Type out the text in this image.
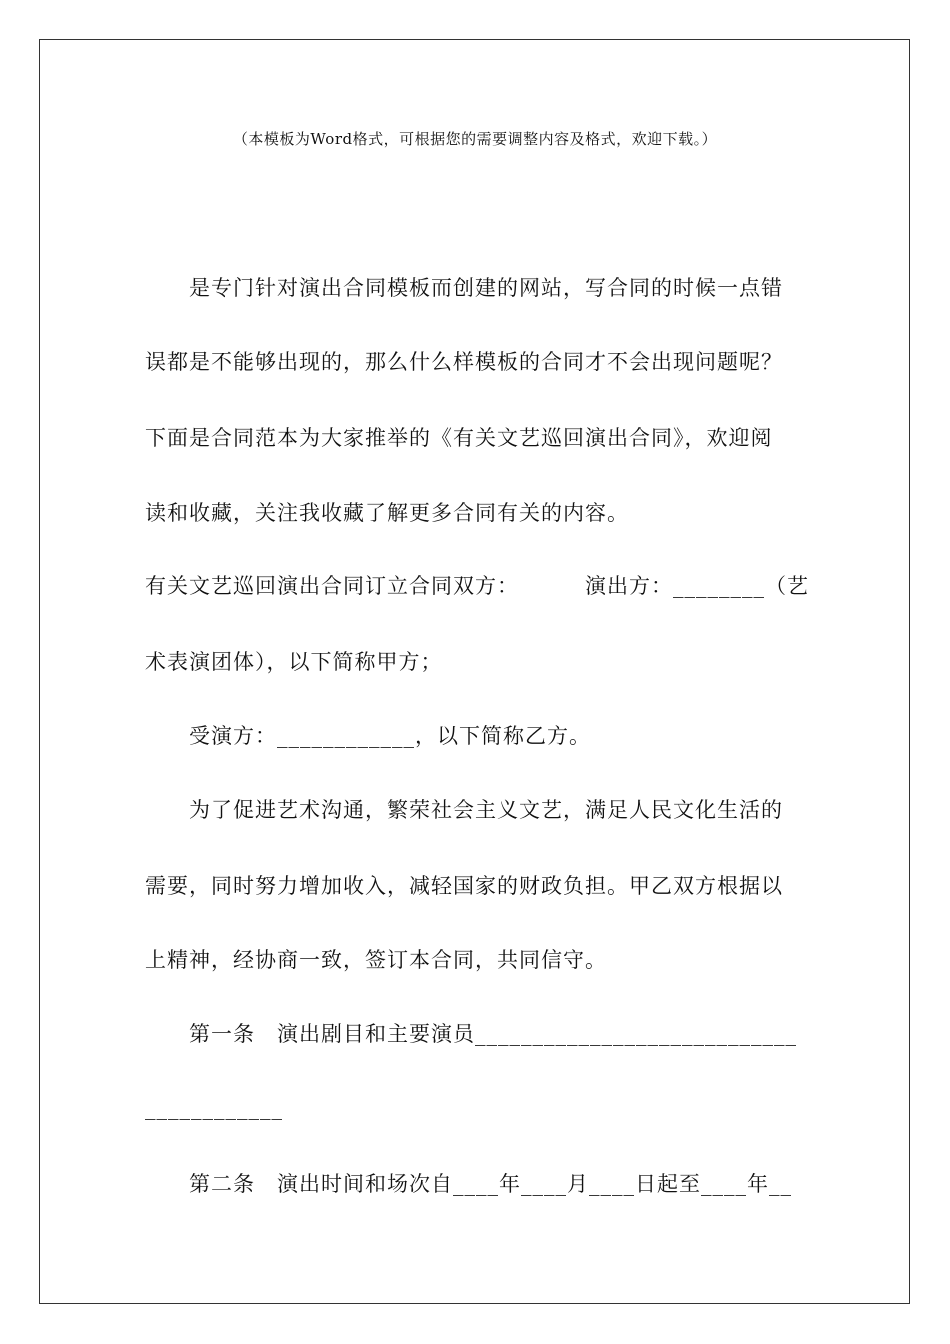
（本模板为Word格式，可根据您的需要调整内容及格式，欢迎下载。）
是专门针对演出合同模板而创建的网站，写合同的时候一点错
误都是不能够出现的，那么什么样模板的合同才不会出现问题呢？
下面是合同范本为大家推举的《有关文艺巡回演出合同》，欢迎阅
读和收藏，关注我收藏了解更多合同有关的内容。
有关文艺巡回演出合同订立合同双方：	演出方：________（艺
术表演团体），以下简称甲方；
受演方：____________，以下简称乙方。
为了促进艺术沟通，繁荣社会主义文艺，满足人民文化生活的
需要，同时努力增加收入，减轻国家的财政负担。甲乙双方根据以
上精神，经协商一致，签订本合同，共同信守。
第一条 演出剧目和主要演员____________________________
____________
第二条 演出时间和场次自____年____月____日起至____年__
